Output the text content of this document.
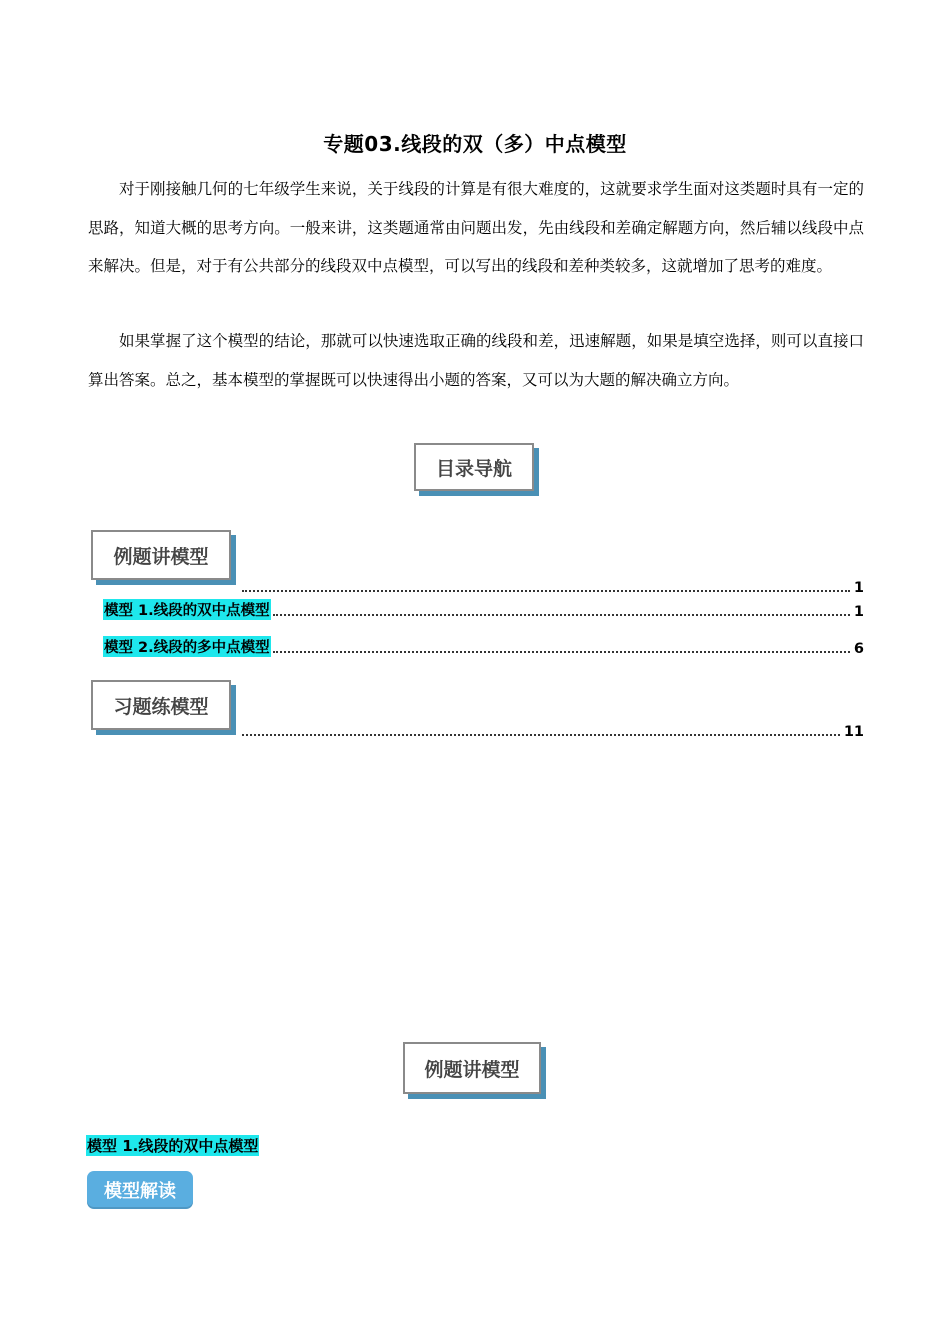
专题03.线段的双（多）中点模型

对于刚接触几何的七年级学生来说，关于线段的计算是有很大难度的，这就要求学生面对这类题时具有一定的思路，知道大概的思考方向。一般来讲，这类题通常由问题出发，先由线段和差确定解题方向，然后辅以线段中点来解决。但是，对于有公共部分的线段双中点模型，可以写出的线段和差种类较多，这就增加了思考的难度。

如果掌握了这个模型的结论，那就可以快速选取正确的线段和差，迅速解题，如果是填空选择，则可以直接口算出答案。总之，基本模型的掌握既可以快速得出小题的答案，又可以为大题的解决确立方向。

目录导航
例题讲模型
1
模型 1.线段的双中点模型	1
模型 2.线段的多中点模型	6
习题练模型
11
例题讲模型
模型 1.线段的双中点模型
模型解读
